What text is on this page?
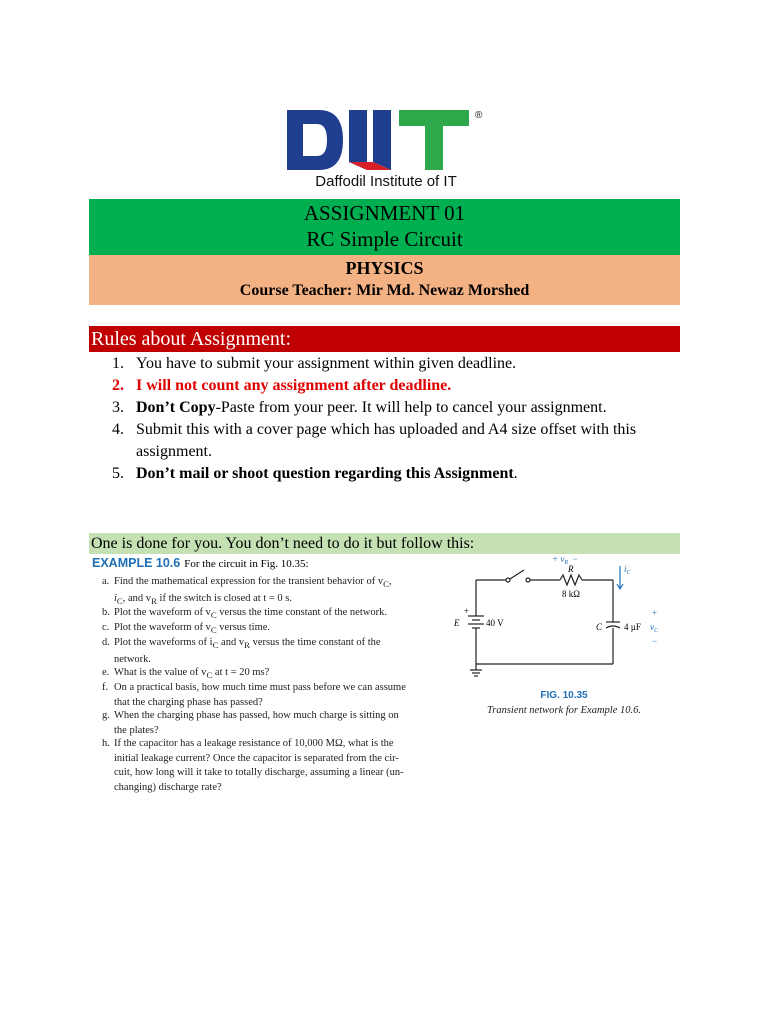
®
Daffodil Institute of IT
ASSIGNMENT 01
RC Simple Circuit
PHYSICS
Course Teacher: Mir Md. Newaz Morshed
Rules about Assignment:
1. You have to submit your assignment within given deadline.
2. I will not count any assignment after deadline.
3. Don’t Copy-Paste from your peer. It will help to cancel your assignment.
4. Submit this with a cover page which has uploaded and A4 size offset with this
assignment.
5. Don’t mail or shoot question regarding this Assignment.
One is done for you. You don’t need to do it but follow this:
EXAMPLE 10.6 For the circuit in Fig. 10.35:
a. Find the mathematical expression for the transient behavior of $v_C$,
$i_C$, and $v_R$ if the switch is closed at t = 0 s.
b. Plot the waveform of $v_C$ versus the time constant of the network.
c. Plot the waveform of $v_C$ versus time.
d. Plot the waveforms of $i_C$ and $v_R$ versus the time constant of the
network.
e. What is the value of $v_C$ at t = 20 ms?
f. On a practical basis, how much time must pass before we can assume
that the charging phase has passed?
g. When the charging phase has passed, how much charge is sitting on
the plates?
h. If the capacitor has a leakage resistance of 10,000 MΩ, what is the
initial leakage current? Once the capacitor is separated from the cir-
cuit, how long will it take to totally discharge, assuming a linear (un-
changing) discharge rate?
+ $v_R$ −
R
8 kΩ
$i_C$
+
E	40 V	C 4 µF
+
$v_C$
−
FIG. 10.35
Transient network for Example 10.6.
